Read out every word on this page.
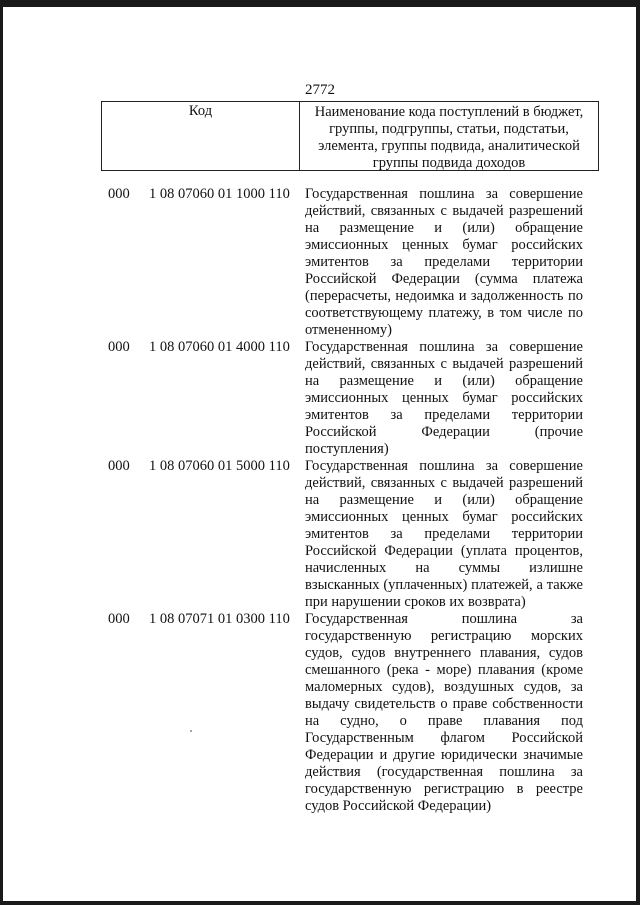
2772
Код	Наименование кода поступлений в бюджет, группы, подгруппы, статьи, подстатьи, элемента, группы подвида, аналитической группы подвида доходов
000 1 08 07060 01 1000 110 Государственная пошлина за совершение действий, связанных с выдачей разрешений на размещение и (или) обращение эмиссионных ценных бумаг российских эмитентов за пределами территории Российской Федерации (сумма платежа (перерасчеты, недоимка и задолженность по соответствующему платежу, в том числе по отмененному)
000 1 08 07060 01 4000 110 Государственная пошлина за совершение действий, связанных с выдачей разрешений на размещение и (или) обращение эмиссионных ценных бумаг российских эмитентов за пределами территории Российской Федерации (прочие поступления)
000 1 08 07060 01 5000 110 Государственная пошлина за совершение действий, связанных с выдачей разрешений на размещение и (или) обращение эмиссионных ценных бумаг российских эмитентов за пределами территории Российской Федерации (уплата процентов, начисленных на суммы излишне взысканных (уплаченных) платежей, а также при нарушении сроков их возврата)
000 1 08 07071 01 0300 110 Государственная пошлина за государственную регистрацию морских судов, судов внутреннего плавания, судов смешанного (река - море) плавания (кроме маломерных судов), воздушных судов, за выдачу свидетельств о праве собственности на судно, о праве плавания под Государственным флагом Российской Федерации и другие юридически значимые действия (государственная пошлина за государственную регистрацию в реестре судов Российской Федерации)
